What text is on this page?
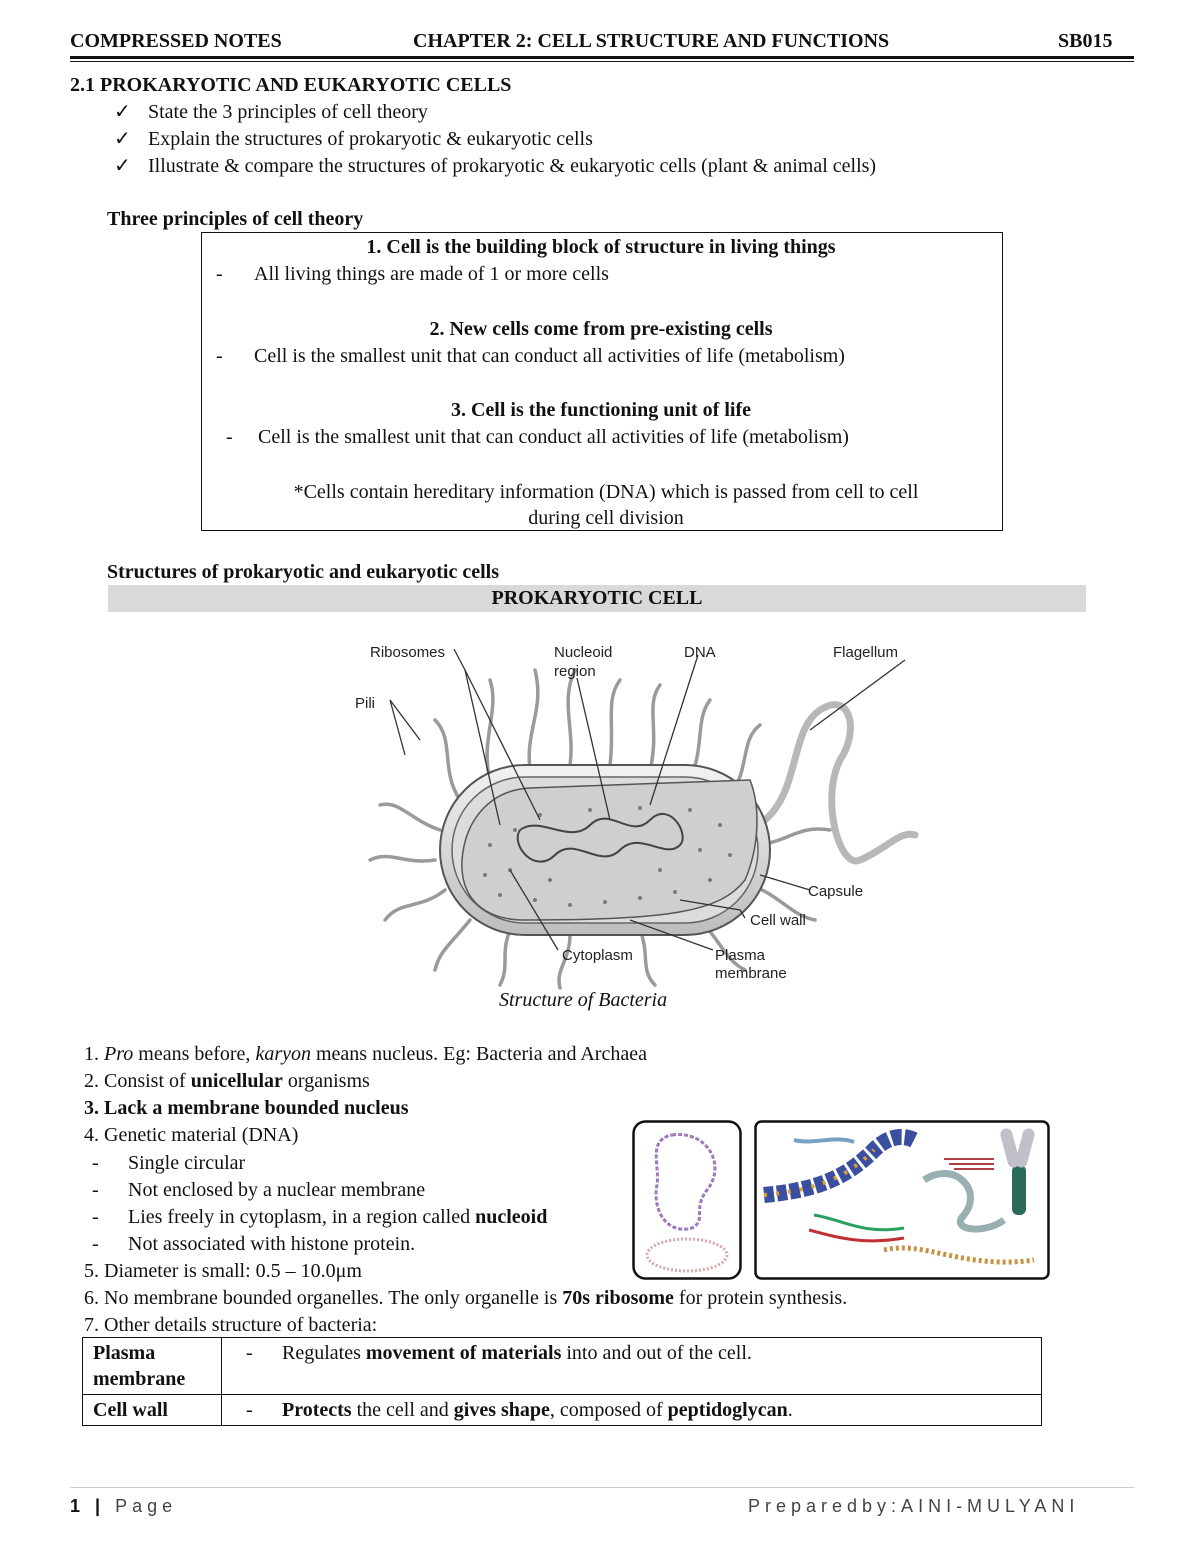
COMPRESSED NOTES	CHAPTER 2: CELL STRUCTURE AND FUNCTIONS	SB015
2.1 PROKARYOTIC AND EUKARYOTIC CELLS
✓ State the 3 principles of cell theory
✓ Explain the structures of prokaryotic & eukaryotic cells
✓ Illustrate & compare the structures of prokaryotic & eukaryotic cells (plant & animal cells)
Three principles of cell theory
1. Cell is the building block of structure in living things
- All living things are made of 1 or more cells
2. New cells come from pre-existing cells
- Cell is the smallest unit that can conduct all activities of life (metabolism)
3. Cell is the functioning unit of life
- Cell is the smallest unit that can conduct all activities of life (metabolism)
*Cells contain hereditary information (DNA) which is passed from cell to cell
during cell division
Structures of prokaryotic and eukaryotic cells
PROKARYOTIC CELL
Ribosomes	Nucleoid
region
DNA	Flagellum
Pili
Capsule
Cell wall
Cytoplasm	Plasma
membrane
Structure of Bacteria
1. Pro means before, karyon means nucleus. Eg: Bacteria and Archaea
2. Consist of unicellular organisms
3. Lack a membrane bounded nucleus
4. Genetic material (DNA)
- Single circular
- Not enclosed by a nuclear membrane
- Lies freely in cytoplasm, in a region called nucleoid
- Not associated with histone protein.
5. Diameter is small: 0.5 – 10.0μm
6. No membrane bounded organelles. The only organelle is 70s ribosome for protein synthesis.
7. Other details structure of bacteria:
Plasma
membrane	- Regulates movement of materials into and out of the cell.
Cell wall	- Protects the cell and gives shape, composed of peptidoglycan.
1 | Page	Preparedby:AINI-MULYANI
